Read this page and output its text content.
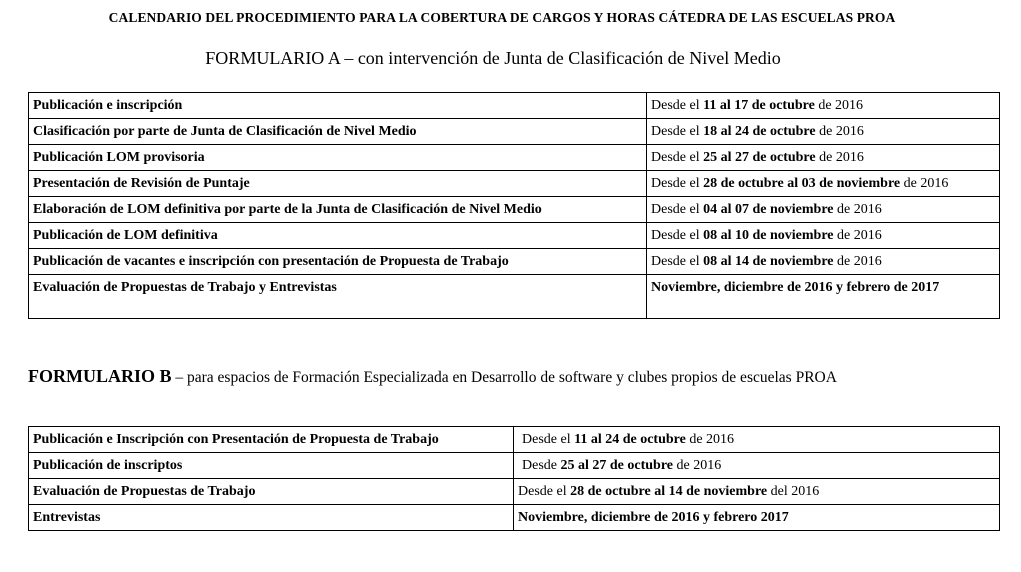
CALENDARIO DEL PROCEDIMIENTO PARA LA COBERTURA DE CARGOS Y HORAS CÁTEDRA DE LAS ESCUELAS PROA
FORMULARIO A – con intervención de Junta de Clasificación de Nivel Medio
Publicación e inscripción	Desde el 11 al 17 de octubre de 2016
Clasificación por parte de Junta de Clasificación de Nivel Medio	Desde el 18 al 24 de octubre de 2016
Publicación LOM provisoria	Desde el 25 al 27 de octubre de 2016
Presentación de Revisión de Puntaje	Desde el 28 de octubre al 03 de noviembre de 2016
Elaboración de LOM definitiva por parte de la Junta de Clasificación de Nivel Medio	Desde el 04 al 07 de noviembre de 2016
Publicación de LOM definitiva	Desde el 08 al 10 de noviembre de 2016
Publicación de vacantes e inscripción con presentación de Propuesta de Trabajo	Desde el 08 al 14 de noviembre de 2016
Evaluación de Propuestas de Trabajo y Entrevistas	Noviembre, diciembre de 2016 y febrero de 2017
FORMULARIO B – para espacios de Formación Especializada en Desarrollo de software y clubes propios de escuelas PROA
Publicación e Inscripción con Presentación de Propuesta de Trabajo	Desde el 11 al 24 de octubre de 2016
Publicación de inscriptos	Desde 25 al 27 de octubre de 2016
Evaluación de Propuestas de Trabajo	Desde el 28 de octubre al 14 de noviembre del 2016
Entrevistas	Noviembre, diciembre de 2016 y febrero 2017
